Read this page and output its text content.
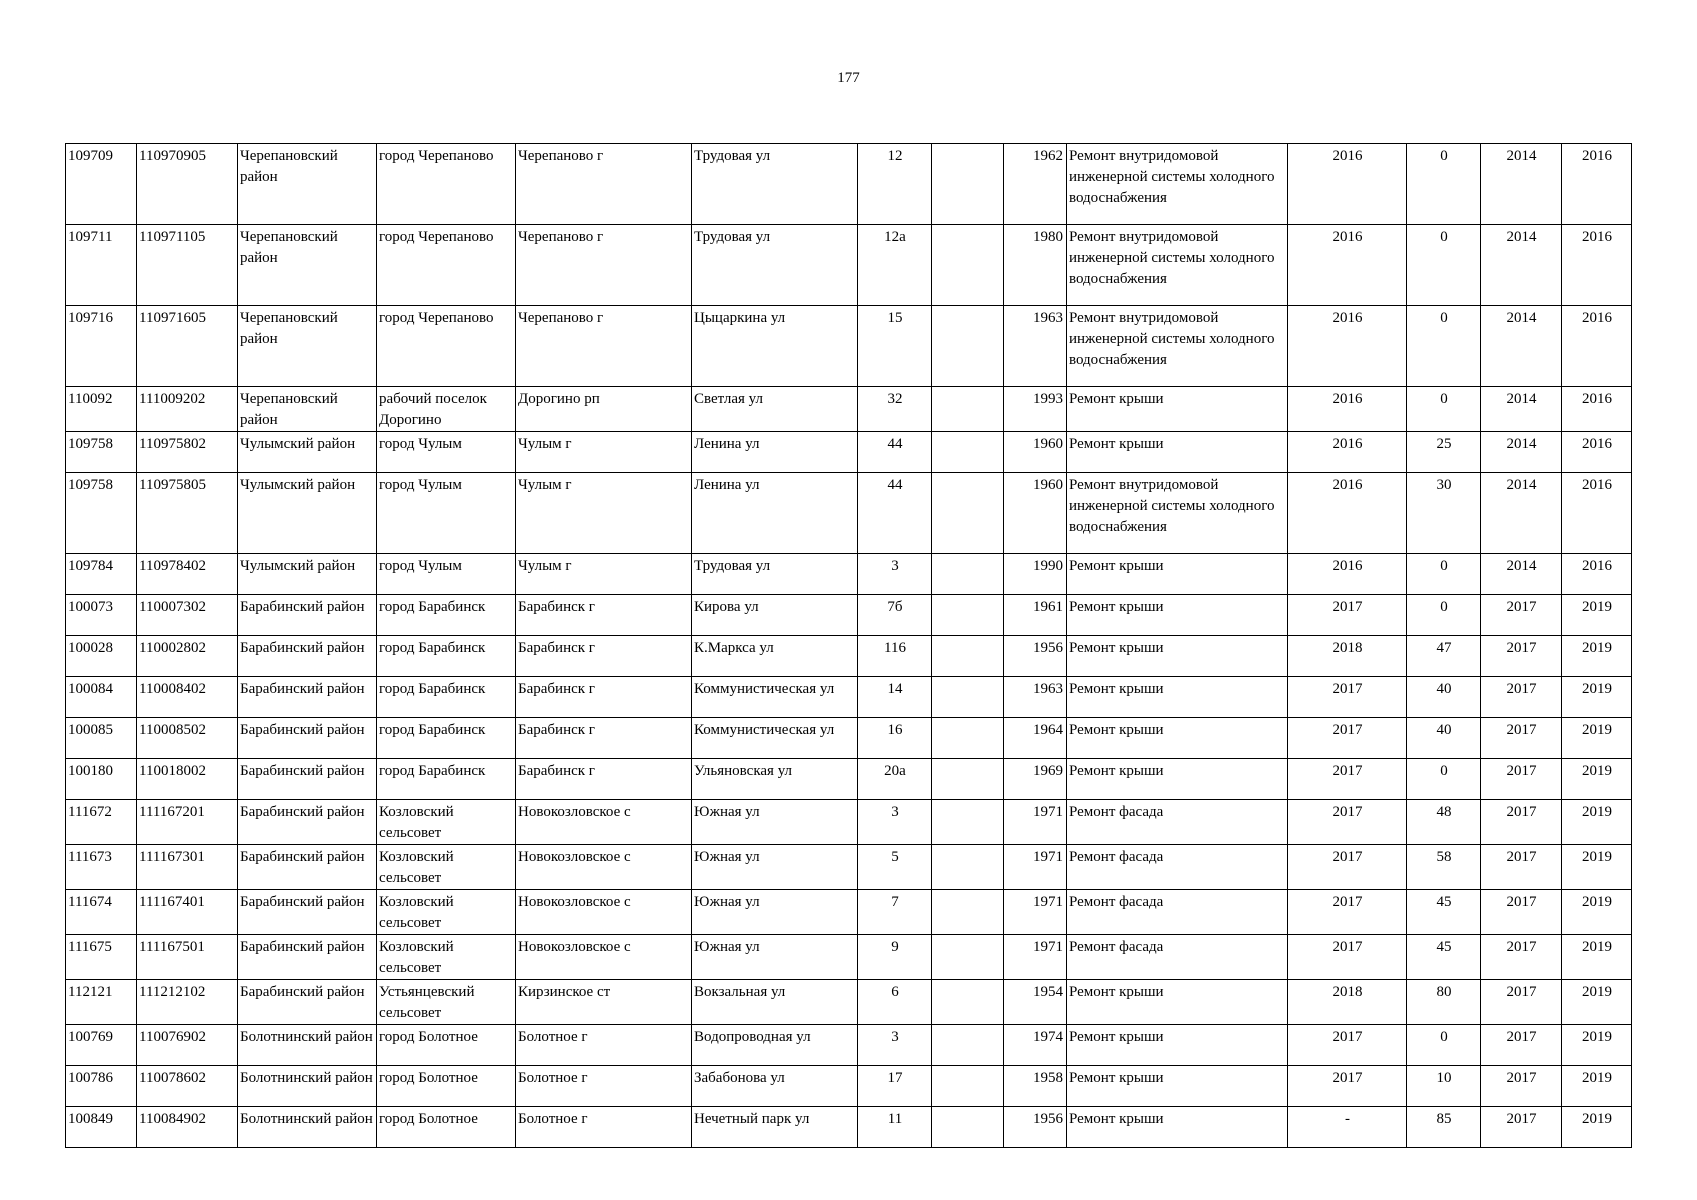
177
109709	110970905	Черепановский район	город Черепаново	Черепаново г	Трудовая ул	12		1962	Ремонт внутридомовой инженерной системы холодного водоснабжения	2016	0	2014	2016
109711	110971105	Черепановский район	город Черепаново	Черепаново г	Трудовая ул	12а		1980	Ремонт внутридомовой инженерной системы холодного водоснабжения	2016	0	2014	2016
109716	110971605	Черепановский район	город Черепаново	Черепаново г	Цыцаркина ул	15		1963	Ремонт внутридомовой инженерной системы холодного водоснабжения	2016	0	2014	2016
110092	111009202	Черепановский район	рабочий поселок Дорогино	Дорогино рп	Светлая ул	32		1993	Ремонт крыши	2016	0	2014	2016
109758	110975802	Чулымский район	город Чулым	Чулым г	Ленина ул	44		1960	Ремонт крыши	2016	25	2014	2016
109758	110975805	Чулымский район	город Чулым	Чулым г	Ленина ул	44		1960	Ремонт внутридомовой инженерной системы холодного водоснабжения	2016	30	2014	2016
109784	110978402	Чулымский район	город Чулым	Чулым г	Трудовая ул	3		1990	Ремонт крыши	2016	0	2014	2016
100073	110007302	Барабинский район	город Барабинск	Барабинск г	Кирова ул	7б		1961	Ремонт крыши	2017	0	2017	2019
100028	110002802	Барабинский район	город Барабинск	Барабинск г	К.Маркса ул	116		1956	Ремонт крыши	2018	47	2017	2019
100084	110008402	Барабинский район	город Барабинск	Барабинск г	Коммунистическая ул	14		1963	Ремонт крыши	2017	40	2017	2019
100085	110008502	Барабинский район	город Барабинск	Барабинск г	Коммунистическая ул	16		1964	Ремонт крыши	2017	40	2017	2019
100180	110018002	Барабинский район	город Барабинск	Барабинск г	Ульяновская ул	20а		1969	Ремонт крыши	2017	0	2017	2019
111672	111167201	Барабинский район	Козловский сельсовет	Новокозловское с	Южная ул	3		1971	Ремонт фасада	2017	48	2017	2019
111673	111167301	Барабинский район	Козловский сельсовет	Новокозловское с	Южная ул	5		1971	Ремонт фасада	2017	58	2017	2019
111674	111167401	Барабинский район	Козловский сельсовет	Новокозловское с	Южная ул	7		1971	Ремонт фасада	2017	45	2017	2019
111675	111167501	Барабинский район	Козловский сельсовет	Новокозловское с	Южная ул	9		1971	Ремонт фасада	2017	45	2017	2019
112121	111212102	Барабинский район	Устьянцевский сельсовет	Кирзинское ст	Вокзальная ул	6		1954	Ремонт крыши	2018	80	2017	2019
100769	110076902	Болотнинский район	город Болотное	Болотное г	Водопроводная ул	3		1974	Ремонт крыши	2017	0	2017	2019
100786	110078602	Болотнинский район	город Болотное	Болотное г	Забабонова ул	17		1958	Ремонт крыши	2017	10	2017	2019
100849	110084902	Болотнинский район	город Болотное	Болотное г	Нечетный парк ул	11		1956	Ремонт крыши	-	85	2017	2019
